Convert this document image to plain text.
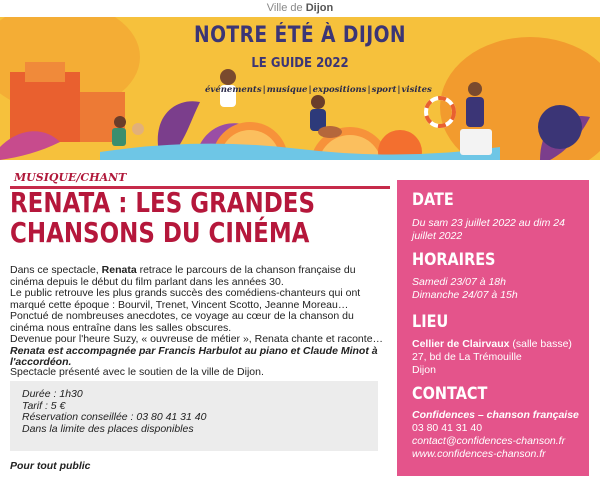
Ville de Dijon
NOTRE ÉTÉ À DIJON
LE GUIDE 2022
événements|musique|expositions|sport|visites
MUSIQUE/CHANT
RENATA : LES GRANDES
CHANSONS DU CINÉMA

Dans ce spectacle, Renata retrace le parcours de la chanson française du cinéma depuis le début du film parlant dans les années 30.

Le public retrouve les plus grands succès des comédiens-chanteurs qui ont marqué cette époque : Bourvil, Trenet, Vincent Scotto, Jeanne Moreau…

Ponctué de nombreuses anecdotes, ce voyage au cœur de la chanson du cinéma nous entraîne dans les salles obscures.

Devenue pour l'heure Suzy, « ouvreuse de métier », Renata chante et raconte…

Renata est accompagnée par Francis Harbulot au piano et Claude Minot à l'accordéon.

Spectacle présenté avec le soutien de la ville de Dijon.
Durée : 1h30
Tarif : 5 €
Réservation conseillée : 03 80 41 31 40
Dans la limite des places disponibles
Pour tout public
DATE
Du sam 23 juillet 2022 au dim 24 juillet 2022
HORAIRES
Samedi 23/07 à 18h
Dimanche 24/07 à 15h
LIEU
Cellier de Clairvaux (salle basse)
27, bd de La Trémouille
Dijon
CONTACT
Confidences – chanson française
03 80 41 31 40
contact@confidences-chanson.fr
www.confidences-chanson.fr
